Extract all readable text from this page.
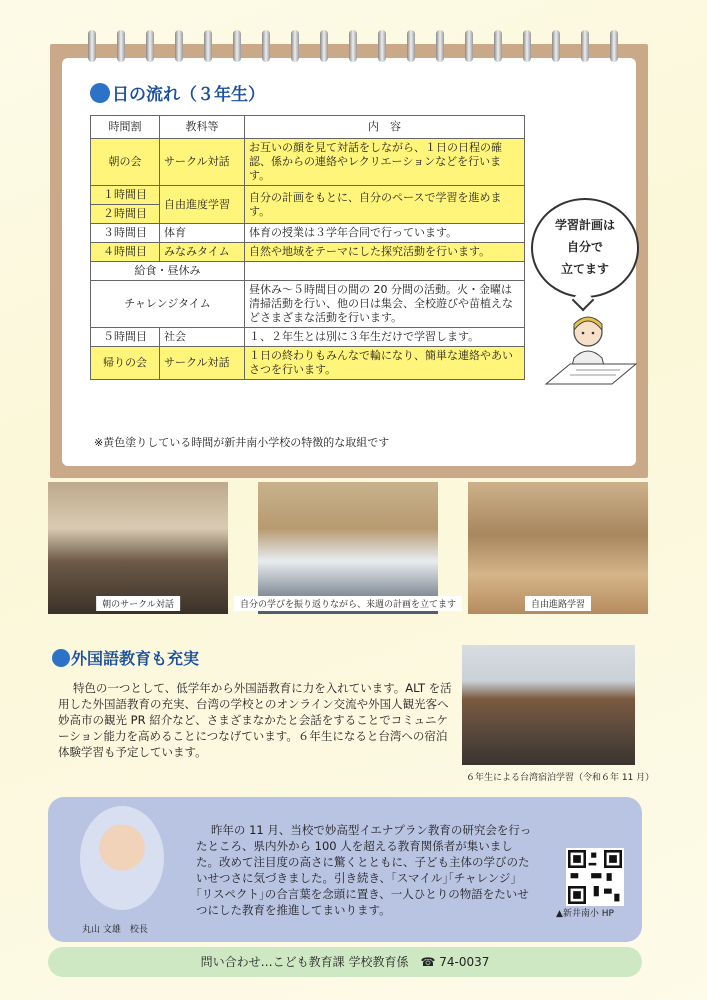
日の流れ（３年生）
時間割	教科等	内　容
朝の会	サークル対話	お互いの顔を見て対話をしながら、１日の日程の確認、係からの連絡やレクリエーションなどを行います。
１時間目	自由進度学習	自分の計画をもとに、自分のペースで学習を進めます。
２時間目		
３時間目	体育	体育の授業は３学年合同で行っています。
４時間目	みなみタイム	自然や地域をテーマにした探究活動を行います。
給食・昼休み		
チャレンジタイム		昼休み～５時間目の間の 20 分間の活動。火・金曜は清掃活動を行い、他の日は集会、全校遊びや苗植えなどさまざまな活動を行います。
５時間目	社会	１、２年生とは別に３年生だけで学習します。
帰りの会	サークル対話	１日の終わりもみんなで輪になり、簡単な連絡やあいさつを行います。
※黄色塗りしている時間が新井南小学校の特徴的な取組です
学習計画は
自分で
立てます
朝のサークル対話	自分の学びを振り返りながら、来週の計画を立てます	自由進路学習
外国語教育も充実
特色の一つとして、低学年から外国語教育に力を入れています。ALT を活用した外国語教育の充実、台湾の学校とのオンライン交流や外国人観光客へ妙高市の観光 PR 紹介など、さまざまなかたと会話をすることでコミュニケーション能力を高めることにつなげています。６年生になると台湾への宿泊体験学習も予定しています。
６年生による台湾宿泊学習（令和６年 11 月）
丸山 文雄　校長
昨年の 11 月、当校で妙高型イエナプラン教育の研究会を行ったところ、県内外から 100 人を超える教育関係者が集いました。改めて注目度の高さに驚くとともに、子ども主体の学びのたいせつさに気づきました。引き続き、｢スマイル｣｢チャレンジ｣｢リスペクト｣の合言葉を念頭に置き、一人ひとりの物語をたいせつにした教育を推進してまいります。	▲新井南小 HP
問い合わせ…こども教育課 学校教育係　☎ 74-0037
